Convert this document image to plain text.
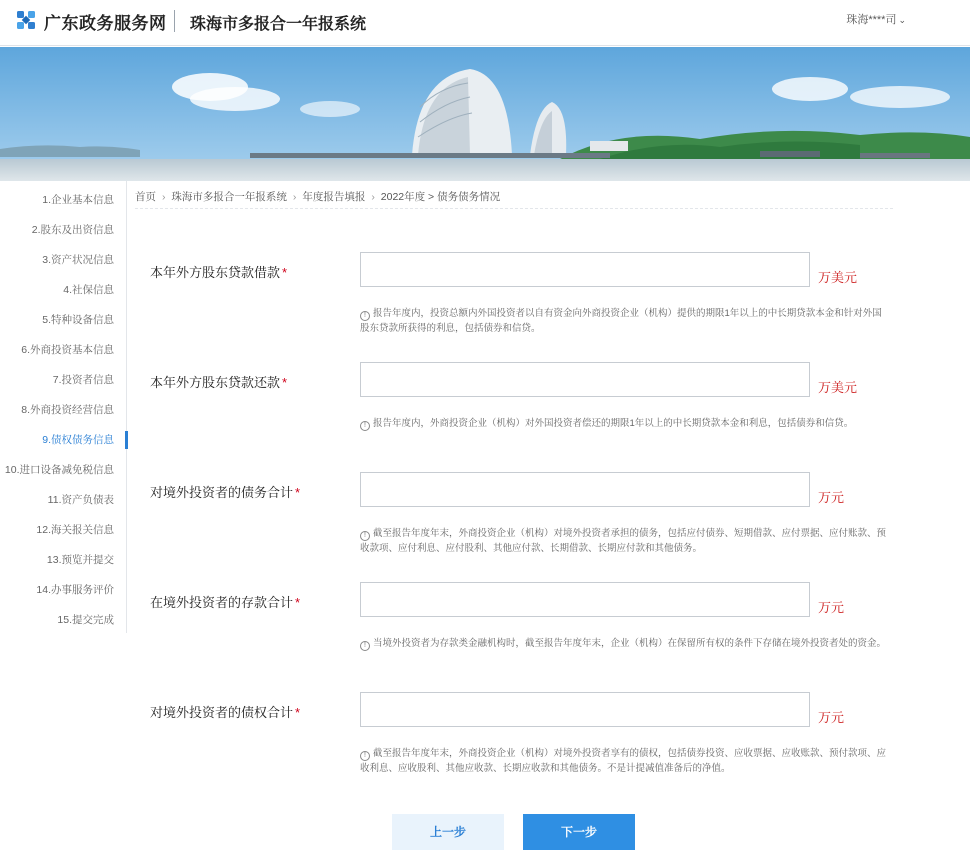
广东政务服务网 珠海市多报合一年报系统	珠海****司 ⌄
1.企业基本信息
2.股东及出资信息
3.资产状况信息
4.社保信息
5.特种设备信息
6.外商投资基本信息
7.投资者信息
8.外商投资经营信息
9.债权债务信息
10.进口设备减免税信息
11.资产负债表
12.海关报关信息
13.预览并提交
14.办事服务评价
15.提交完成
首页 › 珠海市多报合一年报系统 › 年度报告填报 › 2022年度 > 债务债务情况
本年外方股东贷款借款 *	万美元
! 报告年度内，投资总额内外国投资者以自有资金向外商投资企业（机构）提供的期限1年以上的中长期贷款本金和针对外国股东贷款所获得的利息，包括债券和信贷。
本年外方股东贷款还款 *	万美元
! 报告年度内，外商投资企业（机构）对外国投资者偿还的期限1年以上的中长期贷款本金和利息，包括债券和信贷。
对境外投资者的债务合计 *	万元
! 截至报告年度年末，外商投资企业（机构）对境外投资者承担的债务，包括应付债券、短期借款、应付票据、应付账款、预收款项、应付利息、应付股利、其他应付款、长期借款、长期应付款和其他债务。
在境外投资者的存款合计 *	万元
! 当境外投资者为存款类金融机构时，截至报告年度年末，企业（机构）在保留所有权的条件下存储在境外投资者处的资金。
对境外投资者的债权合计 *	万元
! 截至报告年度年末，外商投资企业（机构）对境外投资者享有的债权，包括债券投资、应收票据、应收账款、预付款项、应收利息、应收股利、其他应收款、长期应收款和其他债务。不是计提减值准备后的净值。
上一步	下一步
